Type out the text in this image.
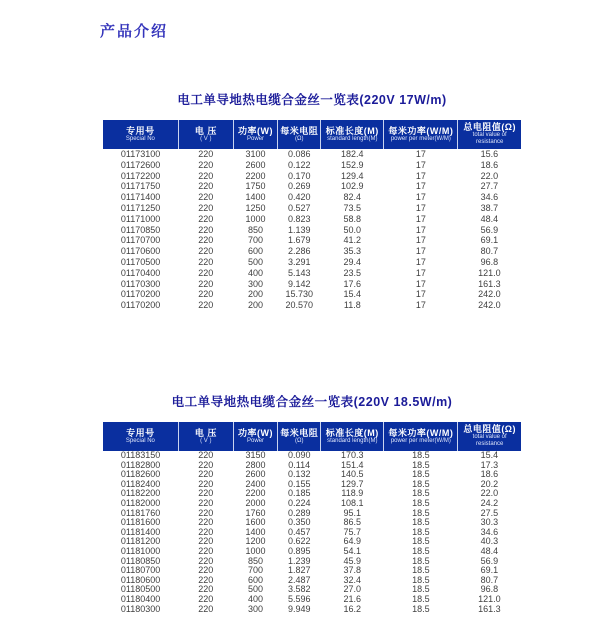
产品介绍
电工单导地热电缆合金丝一览表(220V 17W/m)
专用号
Special No

电 压
( V )

功率(W)
Power

每米电阻
(Ω)

标准长度(M)
standard length(M)

每米功率(W/M)
power per meter(W/M)

总电阻值(Ω)
total value of resistance

01173100	220	3100	0.086	182.4	17	15.6
01172600	220	2600	0.122	152.9	17	18.6
01172200	220	2200	0.170	129.4	17	22.0
01171750	220	1750	0.269	102.9	17	27.7
01171400	220	1400	0.420	82.4	17	34.6
01171250	220	1250	0.527	73.5	17	38.7
01171000	220	1000	0.823	58.8	17	48.4
01170850	220	850	1.139	50.0	17	56.9
01170700	220	700	1.679	41.2	17	69.1
01170600	220	600	2.286	35.3	17	80.7
01170500	220	500	3.291	29.4	17	96.8
01170400	220	400	5.143	23.5	17	121.0
01170300	220	300	9.142	17.6	17	161.3
01170200	220	200	15.730	15.4	17	242.0
01170200	220	200	20.570	11.8	17	242.0
电工单导地热电缆合金丝一览表(220V 18.5W/m)
专用号
Special No

电 压
( V )

功率(W)
Power

每米电阻
(Ω)

标准长度(M)
standard length(M)

每米功率(W/M)
power per meter(W/M)

总电阻值(Ω)
total value of resistance

01183150	220	3150	0.090	170.3	18.5	15.4
01182800	220	2800	0.114	151.4	18.5	17.3
01182600	220	2600	0.132	140.5	18.5	18.6
01182400	220	2400	0.155	129.7	18.5	20.2
01182200	220	2200	0.185	118.9	18.5	22.0
01182000	220	2000	0.224	108.1	18.5	24.2
01181760	220	1760	0.289	95.1	18.5	27.5
01181600	220	1600	0.350	86.5	18.5	30.3
01181400	220	1400	0.457	75.7	18.5	34.6
01181200	220	1200	0.622	64.9	18.5	40.3
01181000	220	1000	0.895	54.1	18.5	48.4
01180850	220	850	1.239	45.9	18.5	56.9
01180700	220	700	1.827	37.8	18.5	69.1
01180600	220	600	2.487	32.4	18.5	80.7
01180500	220	500	3.582	27.0	18.5	96.8
01180400	220	400	5.596	21.6	18.5	121.0
01180300	220	300	9.949	16.2	18.5	161.3
